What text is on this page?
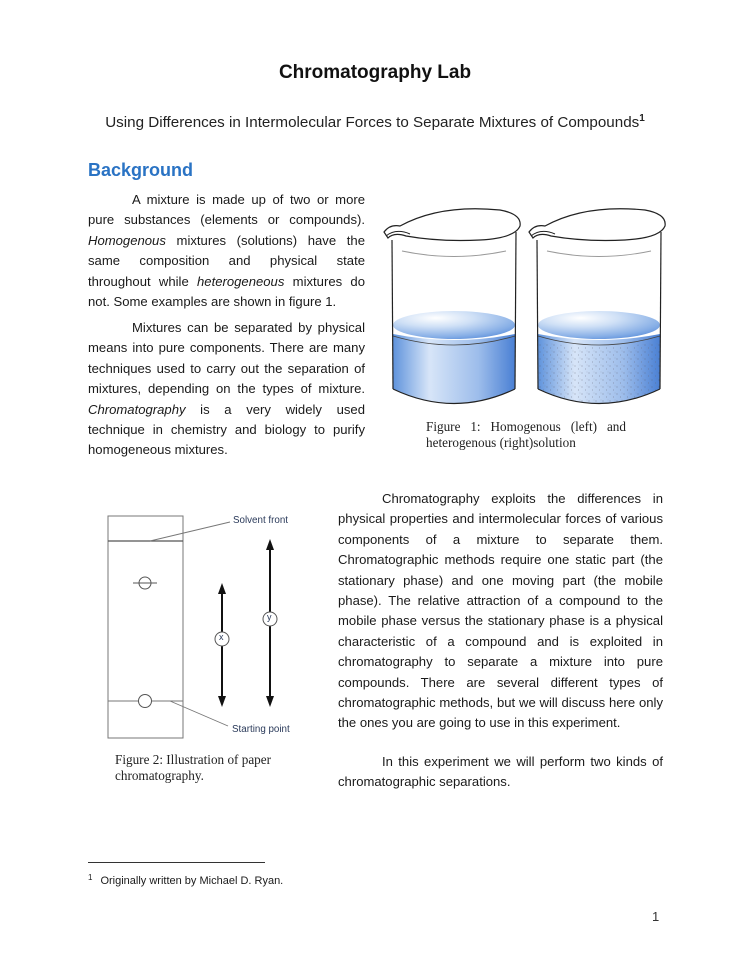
Chromatography Lab
Using Differences in Intermolecular Forces to Separate Mixtures of Compounds$^1$
Background
A mixture is made up of two or more pure substances (elements or compounds). Homogenous mixtures (solutions) have the same composition and physical state throughout while heterogeneous mixtures do not. Some examples are shown in figure 1.
Mixtures can be separated by physical means into pure components. There are many techniques used to carry out the separation of mixtures, depending on the types of mixture. Chromatography is a very widely used technique in chemistry and biology to purify homogeneous mixtures.
Figure 1: Homogenous (left) and heterogenous (right)solution
Solvent front
Starting point
x
y
Figure 2: Illustration of paper chromatography.
Chromatography exploits the differences in physical properties and intermolecular forces of various components of a mixture to separate them. Chromatographic methods require one static part (the stationary phase) and one moving part (the mobile phase). The relative attraction of a compound to the mobile phase versus the stationary phase is a physical characteristic of a compound and is exploited in chromatography to separate a mixture into pure compounds. There are several different types of chromatographic methods, but we will discuss here only the ones you are going to use in this experiment.
In this experiment we will perform two kinds of chromatographic separations.
$^1$ Originally written by Michael D. Ryan.
1
